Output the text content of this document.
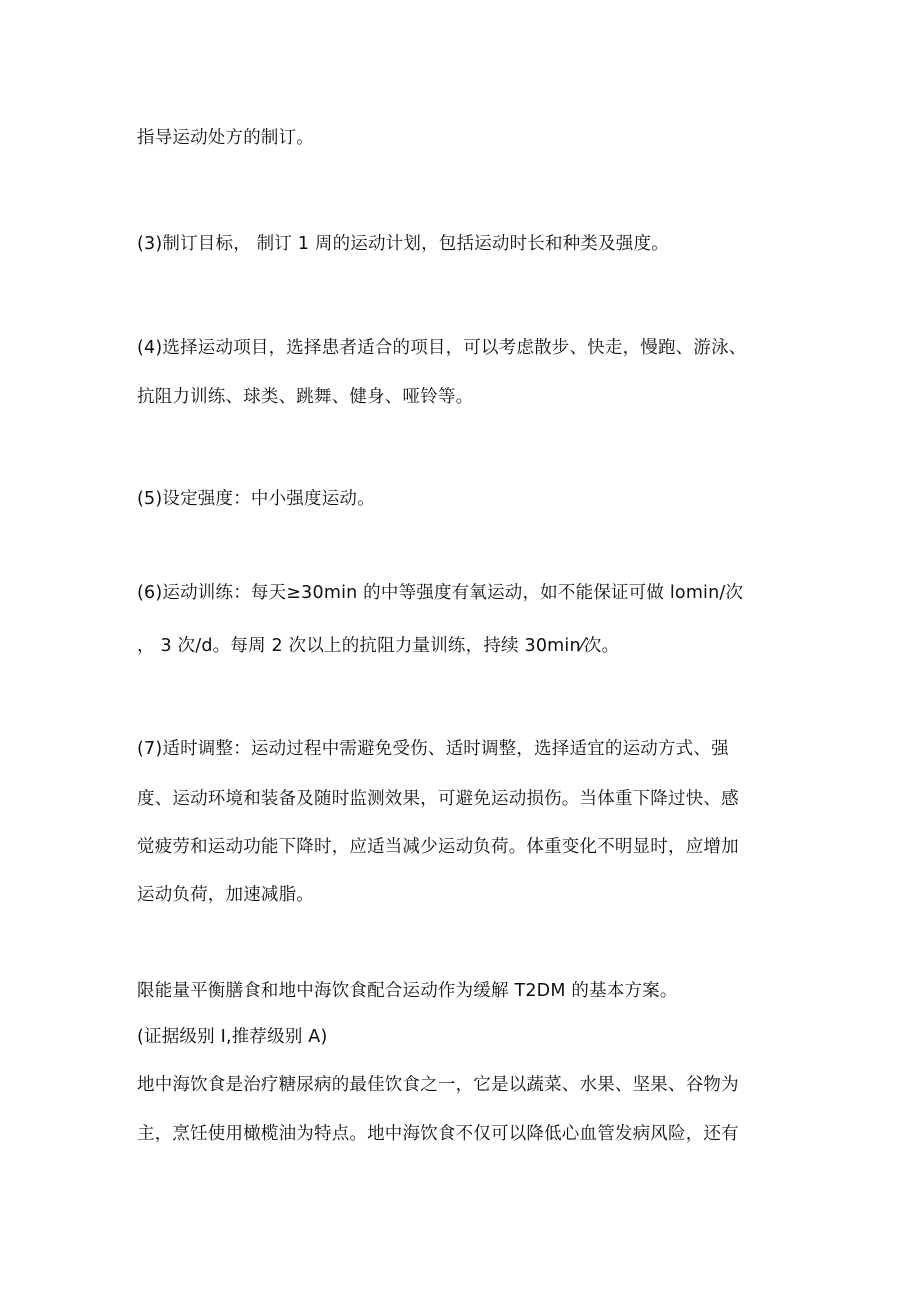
指导运动处方的制订。
(3)制订目标， 制订 1 周的运动计划，包括运动时长和种类及强度。
(4)选择运动项目，选择患者适合的项目，可以考虑散步、快走，慢跑、游泳、
抗阻力训练、球类、跳舞、健身、哑铃等。
(5)设定强度：中小强度运动。
(6)运动训练：每天≥30min 的中等强度有氧运动，如不能保证可做 lomin/次
， 3 次/d。每周 2 次以上的抗阻力量训练，持续 30min⁄次。
(7)适时调整：运动过程中需避免受伤、适时调整，选择适宜的运动方式、强
度、运动环境和装备及随时监测效果，可避免运动损伤。当体重下降过快、感
觉疲劳和运动功能下降时，应适当减少运动负荷。体重变化不明显时，应增加
运动负荷，加速减脂。
限能量平衡膳食和地中海饮食配合运动作为缓解 T2DM 的基本方案。
(证据级别 I,推荐级别 A)
地中海饮食是治疗糖尿病的最佳饮食之一，它是以蔬菜、水果、坚果、谷物为
主，烹饪使用橄榄油为特点。地中海饮食不仅可以降低心血管发病风险，还有
